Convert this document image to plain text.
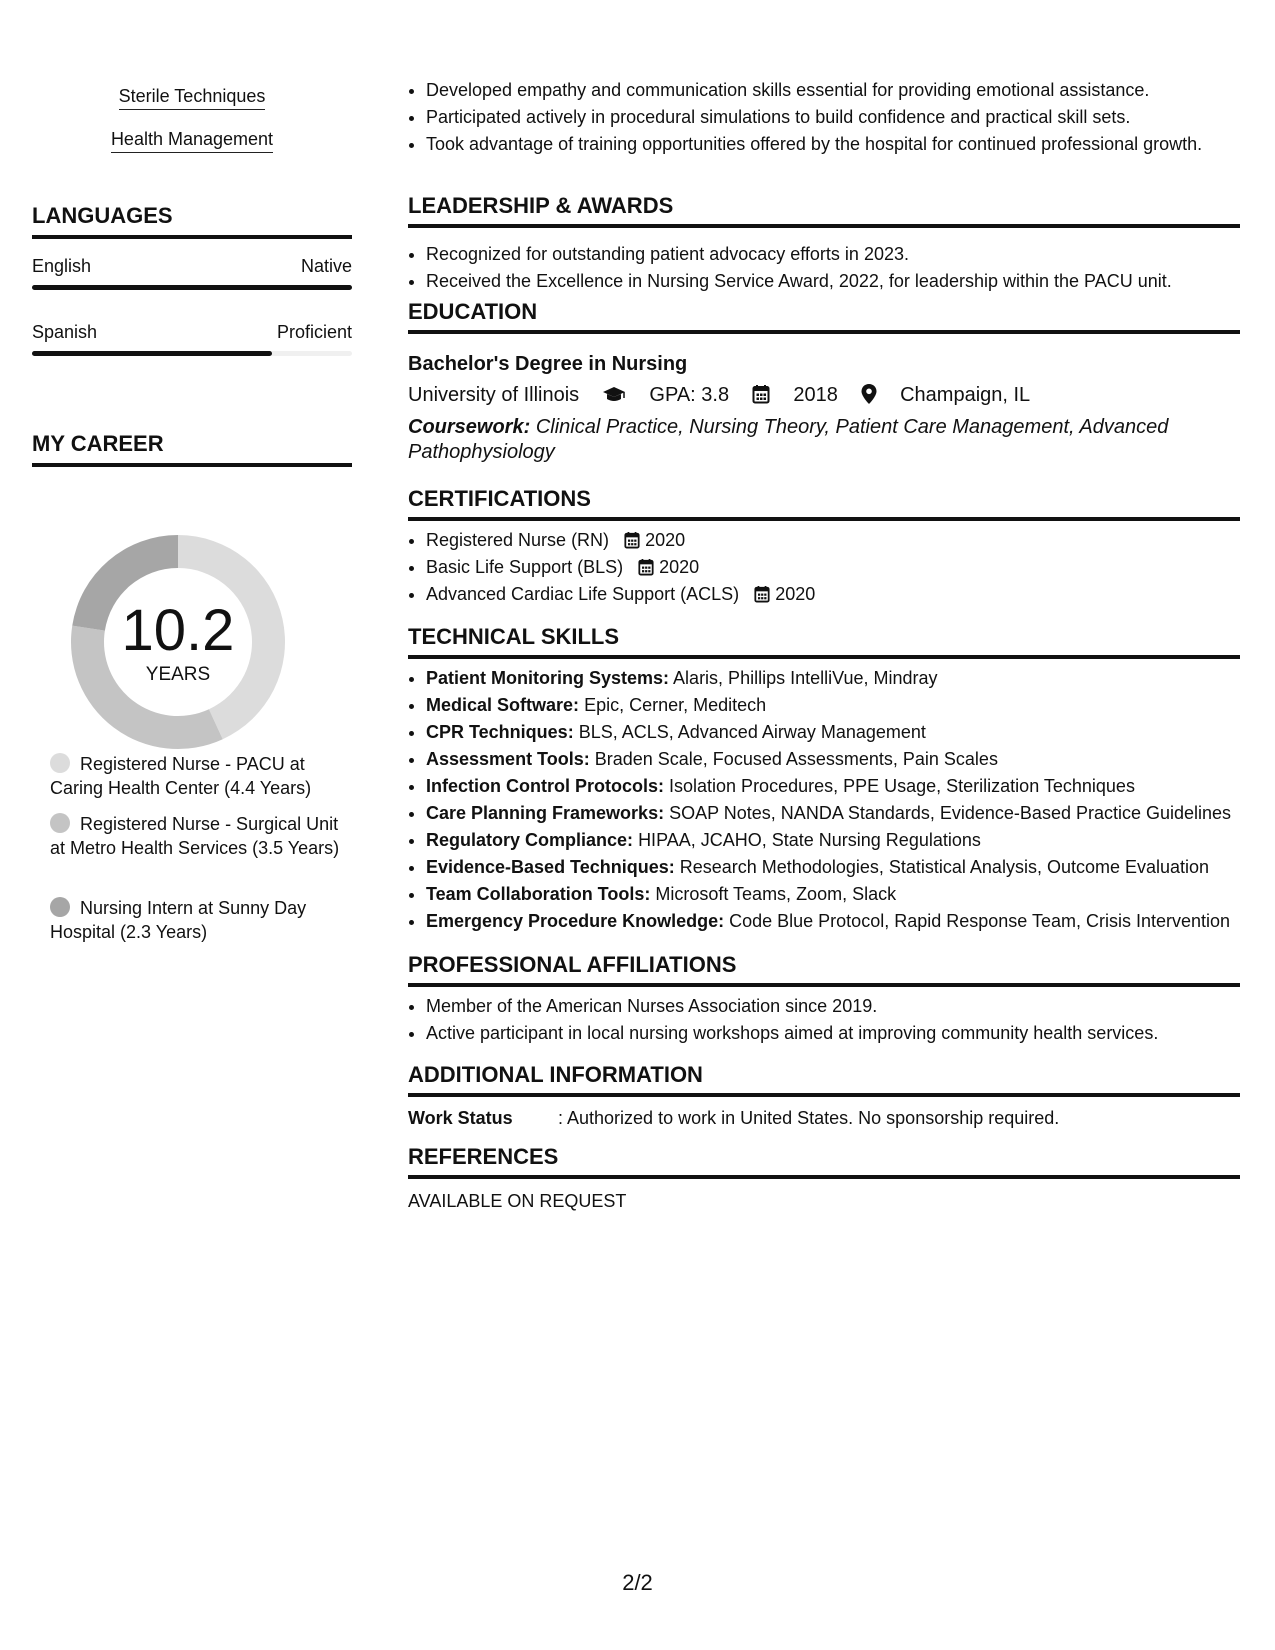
Sterile Techniques
Health Management
LANGUAGES
English	Native
Spanish	Proficient
MY CAREER
10.2
YEARS
Registered Nurse - PACU at Caring Health Center (4.4 Years)
Registered Nurse - Surgical Unit at Metro Health Services (3.5 Years)
Nursing Intern at Sunny Day Hospital (2.3 Years)
• Developed empathy and communication skills essential for providing emotional assistance.
• Participated actively in procedural simulations to build confidence and practical skill sets.
• Took advantage of training opportunities offered by the hospital for continued professional growth.
LEADERSHIP & AWARDS
• Recognized for outstanding patient advocacy efforts in 2023.
• Received the Excellence in Nursing Service Award, 2022, for leadership within the PACU unit.
EDUCATION
Bachelor's Degree in Nursing
University of Illinois	GPA: 3.8	2018	Champaign, IL
Coursework: Clinical Practice, Nursing Theory, Patient Care Management, Advanced Pathophysiology
CERTIFICATIONS
• Registered Nurse (RN) 2020
• Basic Life Support (BLS) 2020
• Advanced Cardiac Life Support (ACLS) 2020
TECHNICAL SKILLS
• Patient Monitoring Systems: Alaris, Phillips IntelliVue, Mindray
• Medical Software: Epic, Cerner, Meditech
• CPR Techniques: BLS, ACLS, Advanced Airway Management
• Assessment Tools: Braden Scale, Focused Assessments, Pain Scales
• Infection Control Protocols: Isolation Procedures, PPE Usage, Sterilization Techniques
• Care Planning Frameworks: SOAP Notes, NANDA Standards, Evidence-Based Practice Guidelines
• Regulatory Compliance: HIPAA, JCAHO, State Nursing Regulations
• Evidence-Based Techniques: Research Methodologies, Statistical Analysis, Outcome Evaluation
• Team Collaboration Tools: Microsoft Teams, Zoom, Slack
• Emergency Procedure Knowledge: Code Blue Protocol, Rapid Response Team, Crisis Intervention
PROFESSIONAL AFFILIATIONS
• Member of the American Nurses Association since 2019.
• Active participant in local nursing workshops aimed at improving community health services.
ADDITIONAL INFORMATION
Work Status	: Authorized to work in United States. No sponsorship required.
REFERENCES
AVAILABLE ON REQUEST
2/2
